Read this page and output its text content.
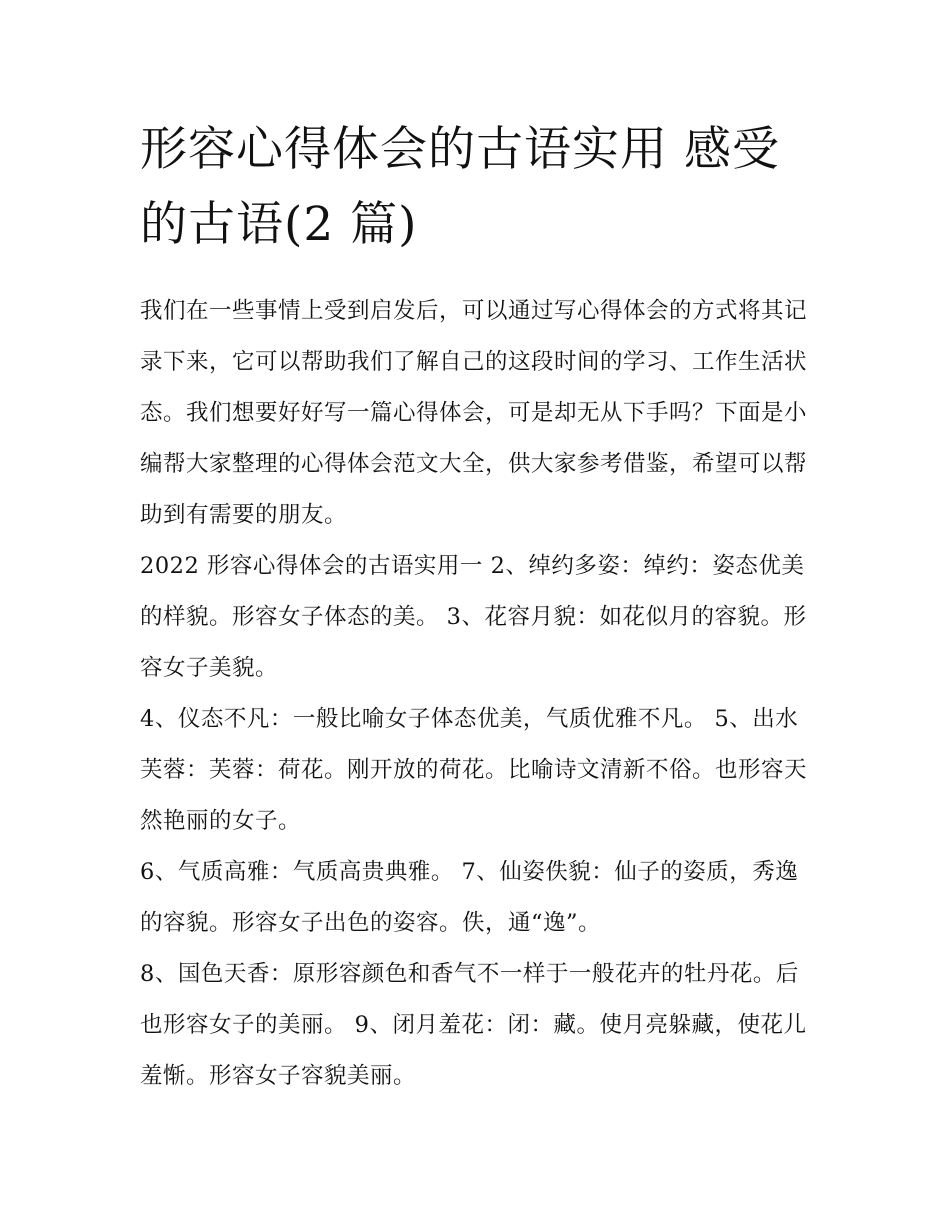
形容心得体会的古语实用 感受的古语(2 篇)

我们在一些事情上受到启发后，可以通过写心得体会的方式将其记录下来，它可以帮助我们了解自己的这段时间的学习、工作生活状态。我们想要好好写一篇心得体会，可是却无从下手吗？下面是小编帮大家整理的心得体会范文大全，供大家参考借鉴，希望可以帮助到有需要的朋友。

2022 形容心得体会的古语实用一 2、绰约多姿：绰约：姿态优美的样貌。形容女子体态的美。 3、花容月貌：如花似月的容貌。形容女子美貌。

4、仪态不凡：一般比喻女子体态优美，气质优雅不凡。 5、出水芙蓉：芙蓉：荷花。刚开放的荷花。比喻诗文清新不俗。也形容天然艳丽的女子。

6、气质高雅：气质高贵典雅。 7、仙姿佚貌：仙子的姿质，秀逸的容貌。形容女子出色的姿容。佚，通“逸”。

8、国色天香：原形容颜色和香气不一样于一般花卉的牡丹花。后也形容女子的美丽。 9、闭月羞花：闭：藏。使月亮躲藏，使花儿羞惭。形容女子容貌美丽。
